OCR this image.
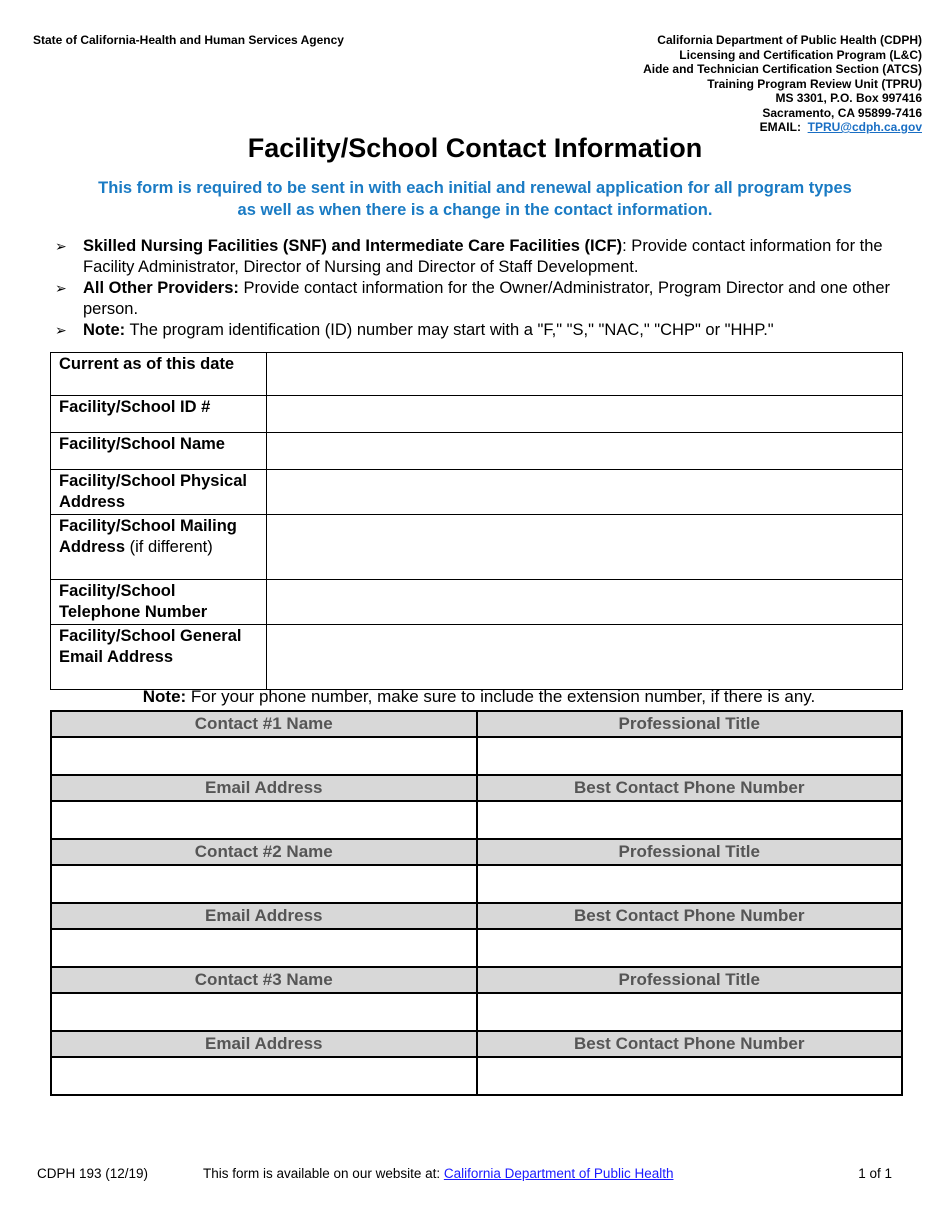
State of California-Health and Human Services Agency	California Department of Public Health (CDPH)
Licensing and Certification Program (L&C)
Aide and Technician Certification Section (ATCS)
Training Program Review Unit (TPRU)
MS 3301, P.O. Box 997416
Sacramento, CA 95899-7416
EMAIL: TPRU@cdph.ca.gov
Facility/School Contact Information
This form is required to be sent in with each initial and renewal application for all program types
as well as when there is a change in the contact information.
➢ Skilled Nursing Facilities (SNF) and Intermediate Care Facilities (ICF): Provide contact information for the Facility Administrator, Director of Nursing and Director of Staff Development.
➢ All Other Providers: Provide contact information for the Owner/Administrator, Program Director and one other person.
➢ Note: The program identification (ID) number may start with a "F," "S," "NAC," "CHP" or "HHP."
Current as of this date	
Facility/School ID #	
Facility/School Name	
Facility/School Physical Address	
Facility/School Mailing Address (if different)	
Facility/School Telephone Number	
Facility/School General Email Address	
Note: For your phone number, make sure to include the extension number, if there is any.
Contact #1 Name	Professional Title

Email Address	Best Contact Phone Number

Contact #2 Name	Professional Title

Email Address	Best Contact Phone Number

Contact #3 Name	Professional Title

Email Address	Best Contact Phone Number

CDPH 193 (12/19)	This form is available on our website at: California Department of Public Health	1 of 1
